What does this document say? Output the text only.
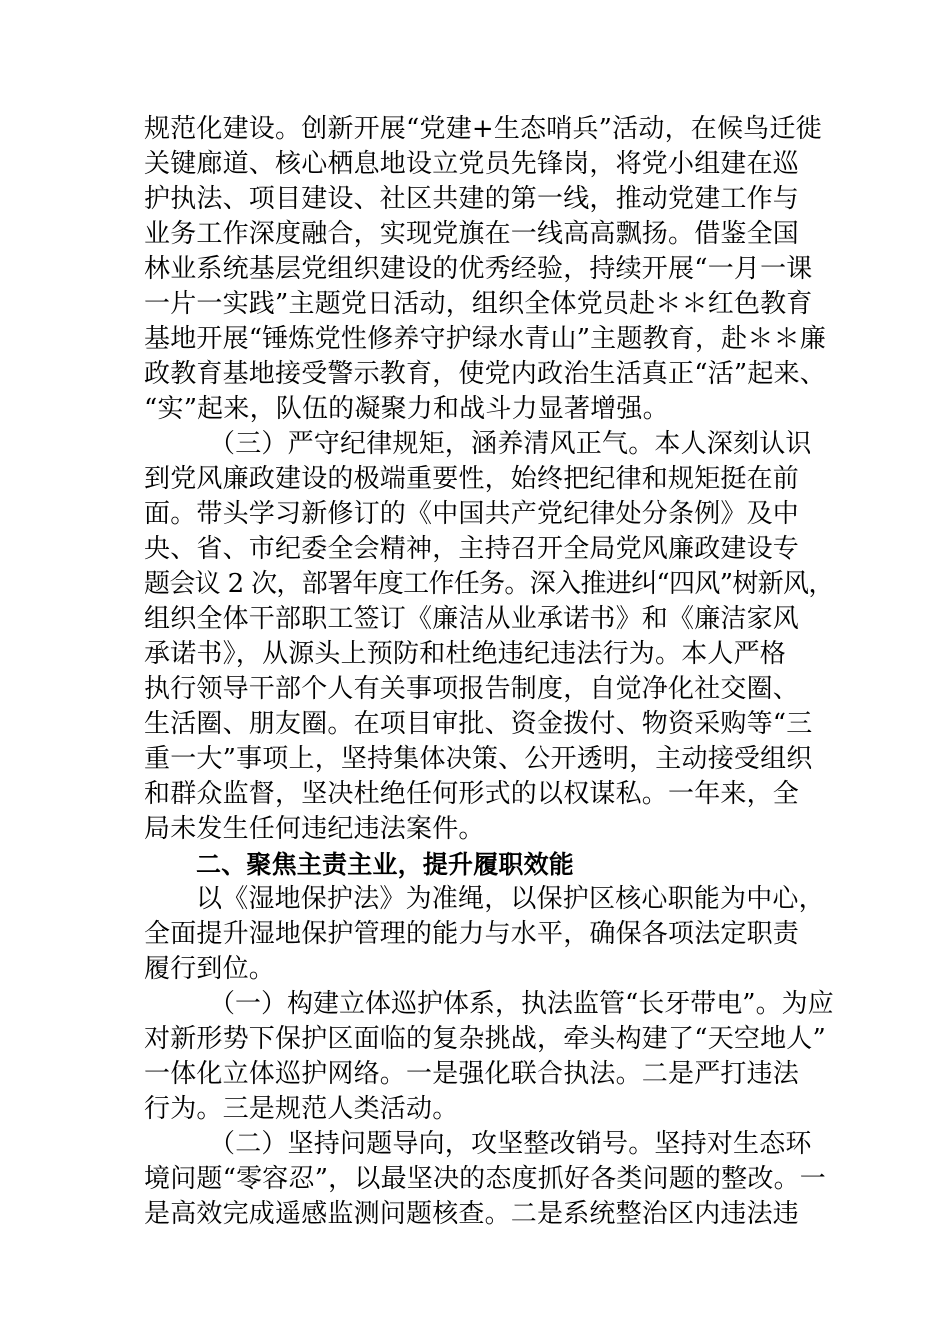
规范化建设。创新开展“党建+生态哨兵”活动，在候鸟迁徙
关键廊道、核心栖息地设立党员先锋岗，将党小组建在巡
护执法、项目建设、社区共建的第一线，推动党建工作与
业务工作深度融合，实现党旗在一线高高飘扬。借鉴全国
林业系统基层党组织建设的优秀经验，持续开展“一月一课
一片一实践”主题党日活动，组织全体党员赴＊＊红色教育
基地开展“锤炼党性修养守护绿水青山”主题教育，赴＊＊廉
政教育基地接受警示教育，使党内政治生活真正“活”起来、
“实”起来，队伍的凝聚力和战斗力显著增强。
（三）严守纪律规矩，涵养清风正气。本人深刻认识
到党风廉政建设的极端重要性，始终把纪律和规矩挺在前
面。带头学习新修订的《中国共产党纪律处分条例》及中
央、省、市纪委全会精神，主持召开全局党风廉政建设专
题会议 2 次，部署年度工作任务。深入推进纠“四风”树新风，
组织全体干部职工签订《廉洁从业承诺书》和《廉洁家风
承诺书》，从源头上预防和杜绝违纪违法行为。本人严格
执行领导干部个人有关事项报告制度，自觉净化社交圈、
生活圈、朋友圈。在项目审批、资金拨付、物资采购等“三
重一大”事项上，坚持集体决策、公开透明，主动接受组织
和群众监督，坚决杜绝任何形式的以权谋私。一年来，全
局未发生任何违纪违法案件。
二、聚焦主责主业，提升履职效能
以《湿地保护法》为准绳，以保护区核心职能为中心，
全面提升湿地保护管理的能力与水平，确保各项法定职责
履行到位。
（一）构建立体巡护体系，执法监管“长牙带电”。为应
对新形势下保护区面临的复杂挑战，牵头构建了“天空地人”
一体化立体巡护网络。一是强化联合执法。二是严打违法
行为。三是规范人类活动。
（二）坚持问题导向，攻坚整改销号。坚持对生态环
境问题“零容忍”，以最坚决的态度抓好各类问题的整改。一
是高效完成遥感监测问题核查。二是系统整治区内违法违
